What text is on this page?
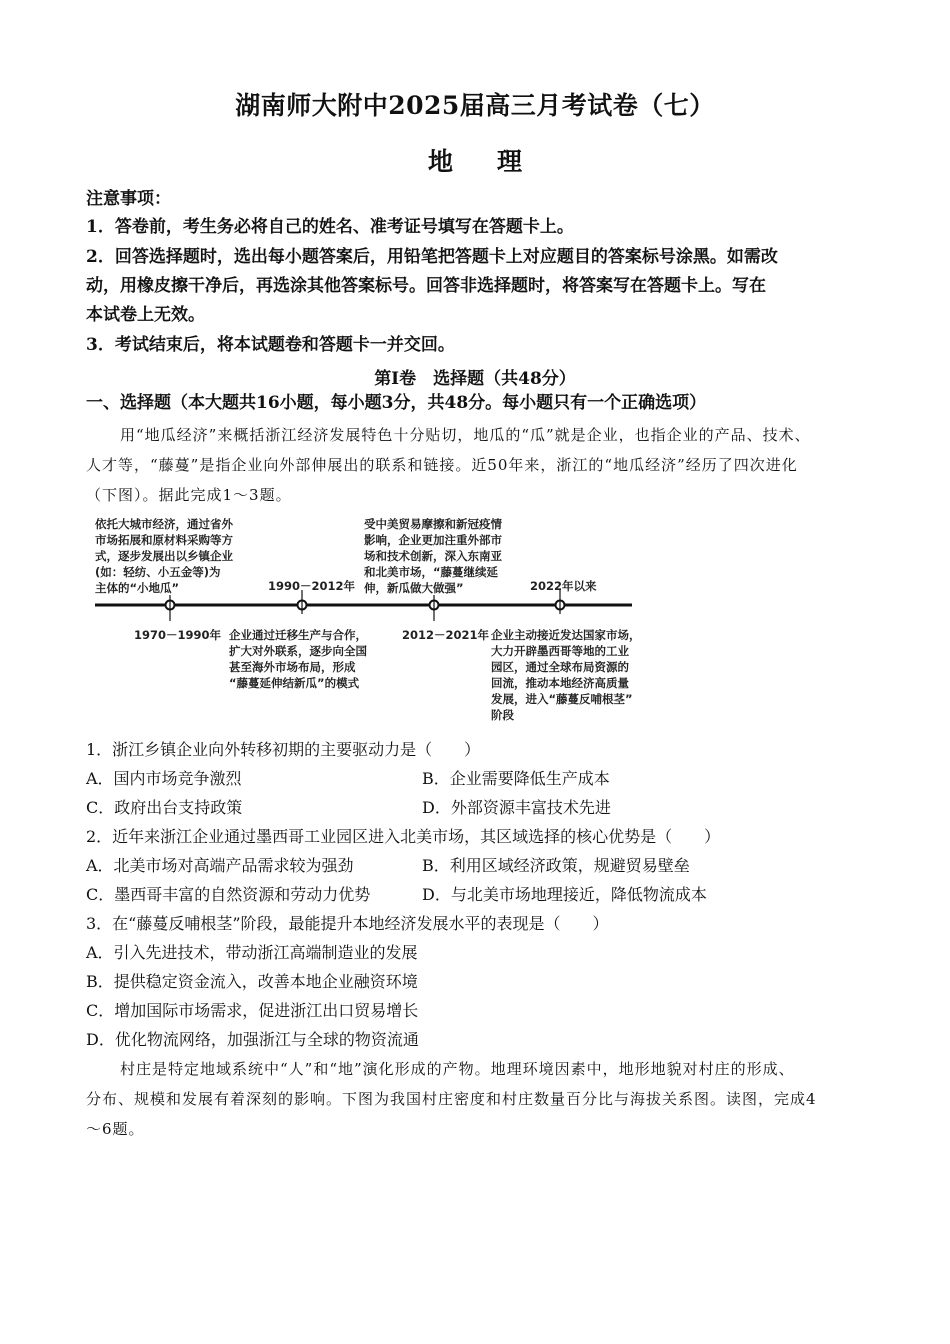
湖南师大附中2025届高三月考试卷（七）
地理
注意事项：
1．答卷前，考生务必将自己的姓名、准考证号填写在答题卡上。
2．回答选择题时，选出每小题答案后，用铅笔把答题卡上对应题目的答案标号涂黑。如需改
动，用橡皮擦干净后，再选涂其他答案标号。回答非选择题时，将答案写在答题卡上。写在
本试卷上无效。
3．考试结束后，将本试题卷和答题卡一并交回。
第Ⅰ卷　选择题（共48分）
一、选择题（本大题共16小题，每小题3分，共48分。每小题只有一个正确选项）
用“地瓜经济”来概括浙江经济发展特色十分贴切，地瓜的“瓜”就是企业，也指企业的产品、技术、
人才等，“藤蔓”是指企业向外部伸展出的联系和链接。近50年来，浙江的“地瓜经济”经历了四次进化
（下图）。据此完成1～3题。
1970－1990年
1990－2012年
2012－2021年
2022年以来
依托大城市经济，通过省外
市场拓展和原材料采购等方
式，逐步发展出以乡镇企业
(如：轻纺、小五金等)为
主体的“小地瓜”
企业通过迁移生产与合作，
扩大对外联系，逐步向全国
甚至海外市场布局，形成
“藤蔓延伸结新瓜”的模式
受中美贸易摩擦和新冠疫情
影响，企业更加注重外部市
场和技术创新，深入东南亚
和北美市场，“藤蔓继续延
伸，新瓜做大做强”
企业主动接近发达国家市场，
大力开辟墨西哥等地的工业
园区，通过全球布局资源的
回流，推动本地经济高质量
发展，进入“藤蔓反哺根茎”
阶段
1．浙江乡镇企业向外转移初期的主要驱动力是（　　）
A．国内市场竞争激烈	B．企业需要降低生产成本
C．政府出台支持政策	D．外部资源丰富技术先进
2．近年来浙江企业通过墨西哥工业园区进入北美市场，其区域选择的核心优势是（　　）
A．北美市场对高端产品需求较为强劲	B．利用区域经济政策，规避贸易壁垒
C．墨西哥丰富的自然资源和劳动力优势	D．与北美市场地理接近，降低物流成本
3．在“藤蔓反哺根茎”阶段，最能提升本地经济发展水平的表现是（　　）
A．引入先进技术，带动浙江高端制造业的发展
B．提供稳定资金流入，改善本地企业融资环境
C．增加国际市场需求，促进浙江出口贸易增长
D．优化物流网络，加强浙江与全球的物资流通
村庄是特定地域系统中“人”和“地”演化形成的产物。地理环境因素中，地形地貌对村庄的形成、
分布、规模和发展有着深刻的影响。下图为我国村庄密度和村庄数量百分比与海拔关系图。读图，完成4
～6题。
